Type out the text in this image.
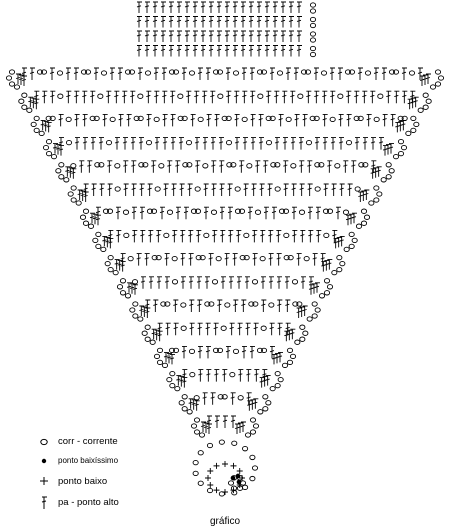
corr - corrente
ponto baixíssimo
ponto baixo
pa - ponto alto
gráfico
